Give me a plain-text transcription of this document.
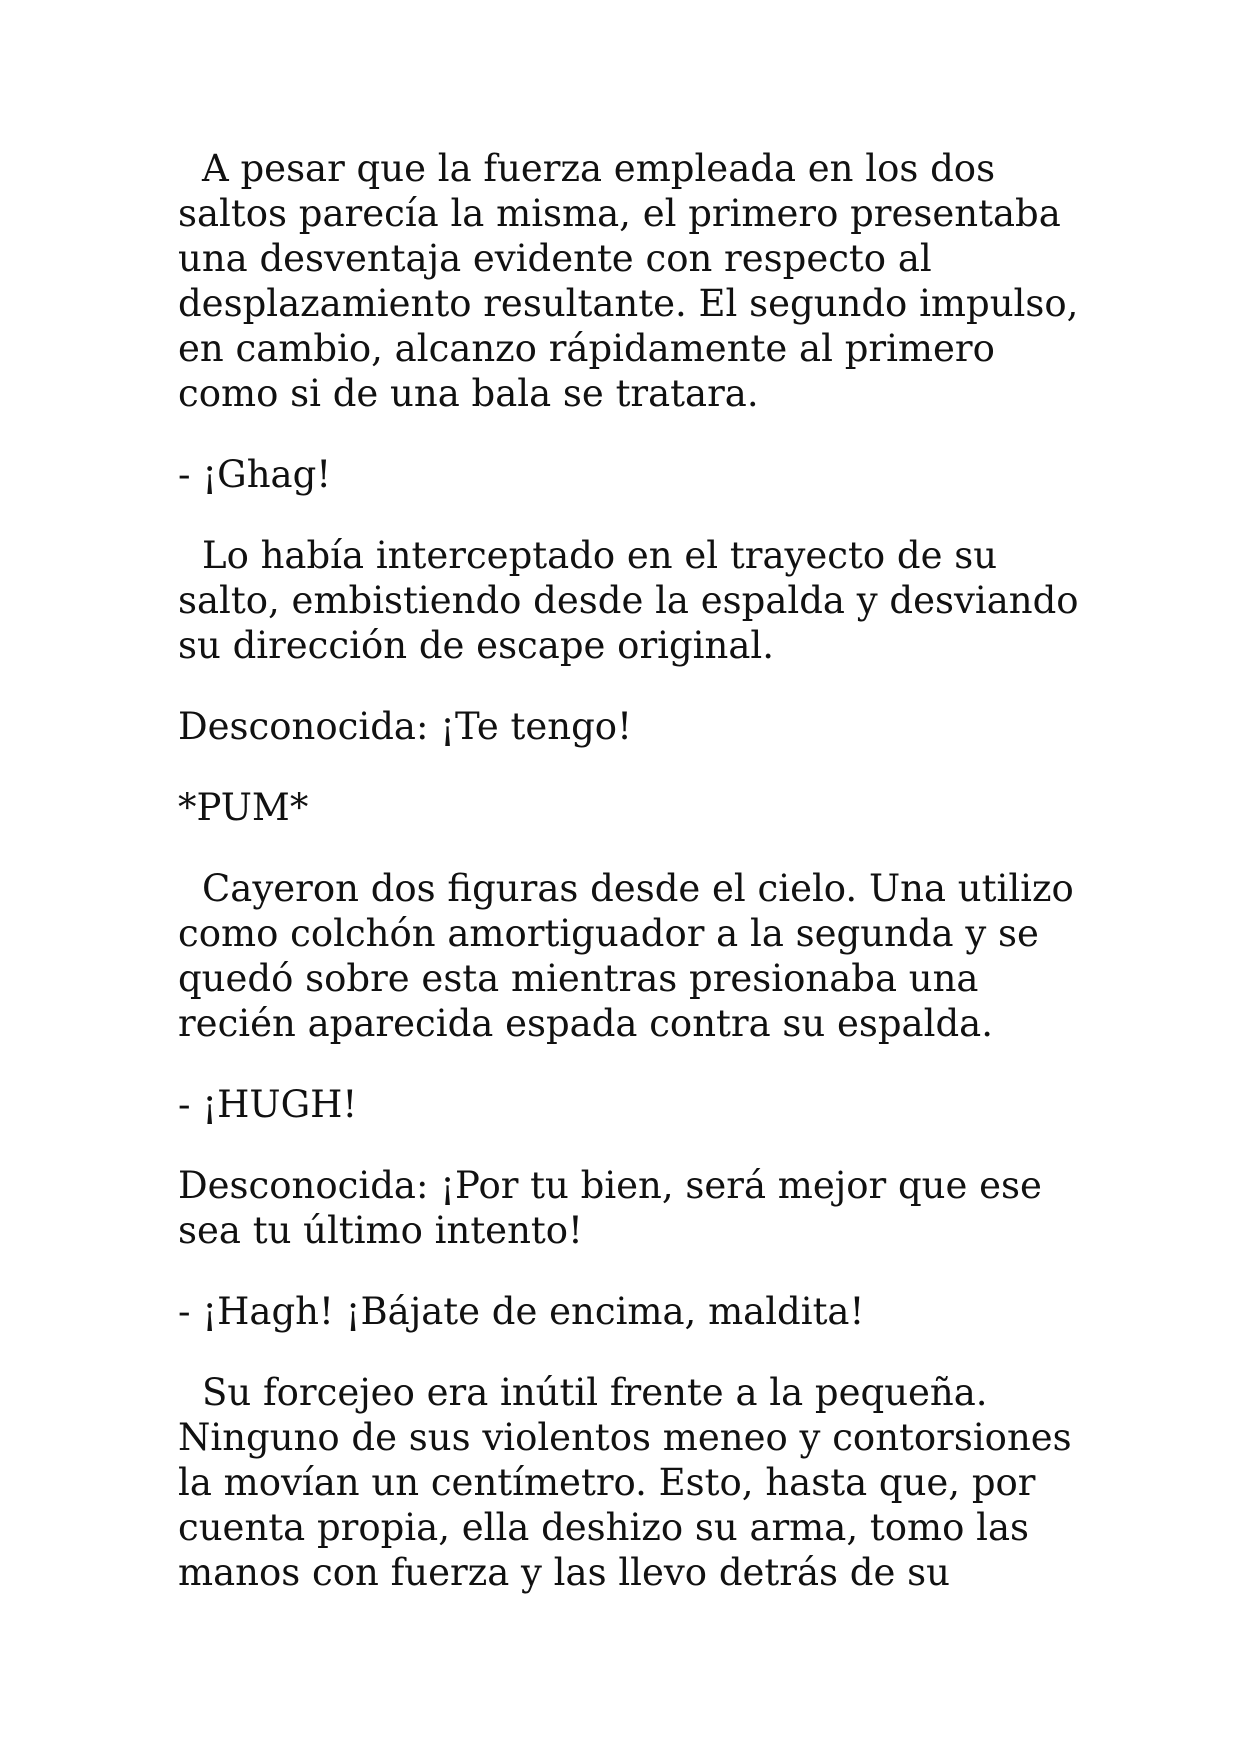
A pesar que la fuerza empleada en los dos
saltos parecía la misma, el primero presentaba
una desventaja evidente con respecto al
desplazamiento resultante. El segundo impulso,
en cambio, alcanzo rápidamente al primero
como si de una bala se tratara.

- ¡Ghag!

Lo había interceptado en el trayecto de su
salto, embistiendo desde la espalda y desviando
su dirección de escape original.

Desconocida: ¡Te tengo!

*PUM*

Cayeron dos figuras desde el cielo. Una utilizo
como colchón amortiguador a la segunda y se
quedó sobre esta mientras presionaba una
recién aparecida espada contra su espalda.

- ¡HUGH!

Desconocida: ¡Por tu bien, será mejor que ese
sea tu último intento!

- ¡Hagh! ¡Bájate de encima, maldita!

Su forcejeo era inútil frente a la pequeña.
Ninguno de sus violentos meneo y contorsiones
la movían un centímetro. Esto, hasta que, por
cuenta propia, ella deshizo su arma, tomo las
manos con fuerza y las llevo detrás de su
